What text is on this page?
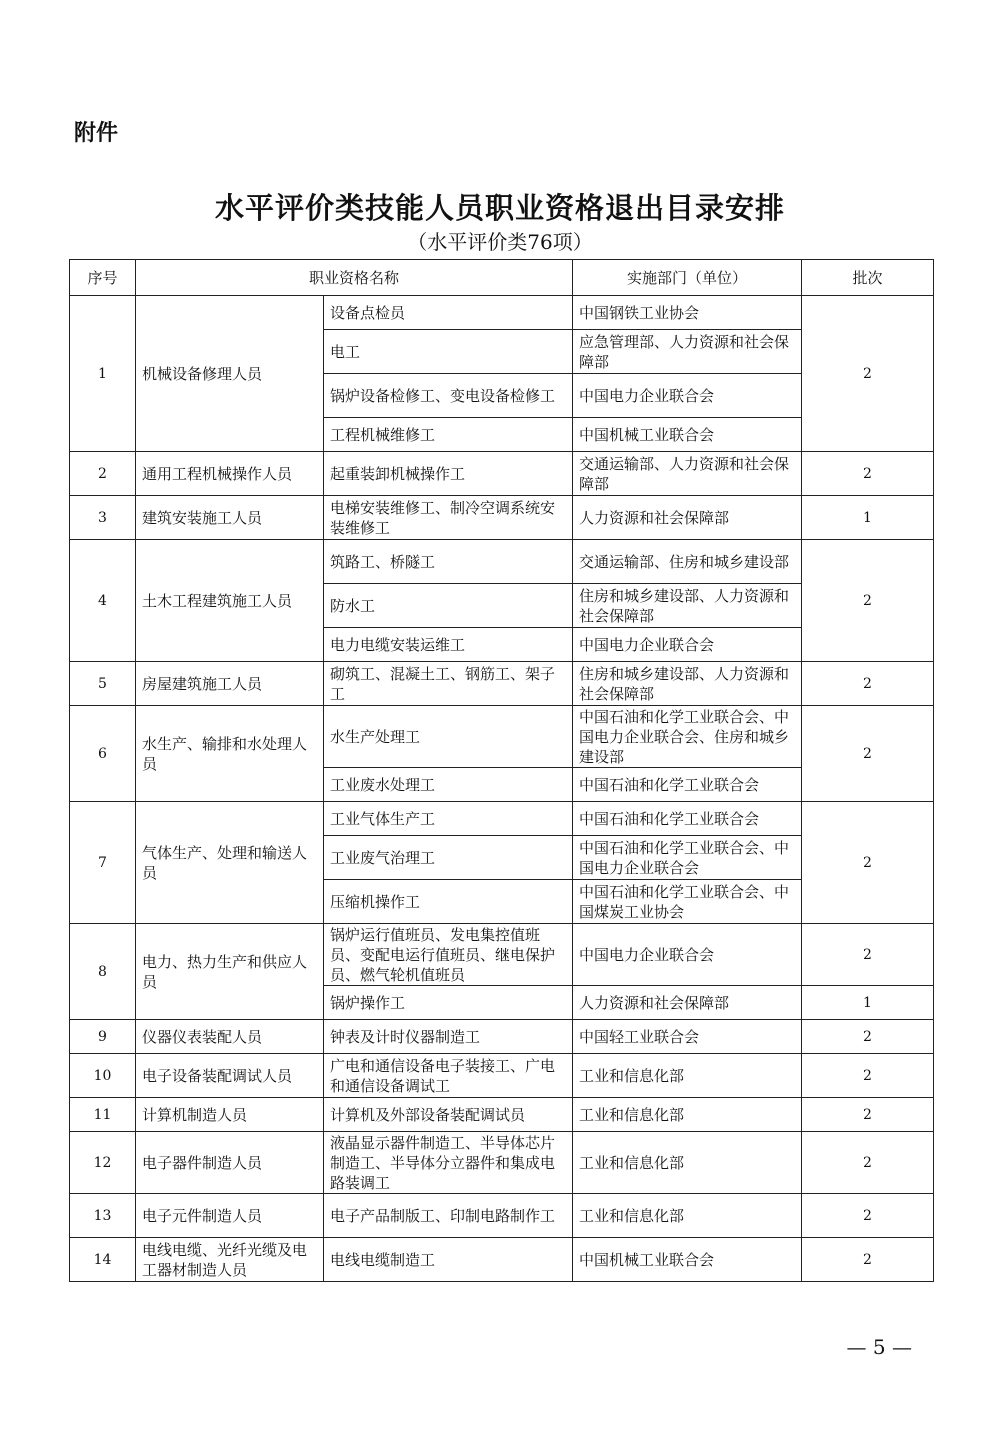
附件
水平评价类技能人员职业资格退出目录安排
（水平评价类76项）
序号	职业资格名称		实施部门（单位）	批次
1	机械设备修理人员	设备点检员	中国钢铁工业协会	2
		电工	应急管理部、人力资源和社会保障部	
		锅炉设备检修工、变电设备检修工	中国电力企业联合会	
		工程机械维修工	中国机械工业联合会	
2	通用工程机械操作人员	起重装卸机械操作工	交通运输部、人力资源和社会保障部	2
3	建筑安装施工人员	电梯安装维修工、制冷空调系统安装维修工	人力资源和社会保障部	1
4	土木工程建筑施工人员	筑路工、桥隧工	交通运输部、住房和城乡建设部	2
		防水工	住房和城乡建设部、人力资源和社会保障部	
		电力电缆安装运维工	中国电力企业联合会	
5	房屋建筑施工人员	砌筑工、混凝土工、钢筋工、架子工	住房和城乡建设部、人力资源和社会保障部	2
6	水生产、输排和水处理人员	水生产处理工	中国石油和化学工业联合会、中国电力企业联合会、住房和城乡建设部	2
		工业废水处理工	中国石油和化学工业联合会	
7	气体生产、处理和输送人员	工业气体生产工	中国石油和化学工业联合会	2
		工业废气治理工	中国石油和化学工业联合会、中国电力企业联合会	
		压缩机操作工	中国石油和化学工业联合会、中国煤炭工业协会	
8	电力、热力生产和供应人员	锅炉运行值班员、发电集控值班员、变配电运行值班员、继电保护员、燃气轮机值班员	中国电力企业联合会	2
		锅炉操作工	人力资源和社会保障部	1
9	仪器仪表装配人员	钟表及计时仪器制造工	中国轻工业联合会	2
10	电子设备装配调试人员	广电和通信设备电子装接工、广电和通信设备调试工	工业和信息化部	2
11	计算机制造人员	计算机及外部设备装配调试员	工业和信息化部	2
12	电子器件制造人员	液晶显示器件制造工、半导体芯片制造工、半导体分立器件和集成电路装调工	工业和信息化部	2
13	电子元件制造人员	电子产品制版工、印制电路制作工	工业和信息化部	2
14	电线电缆、光纤光缆及电工器材制造人员	电线电缆制造工	中国机械工业联合会	2
— 5 —
